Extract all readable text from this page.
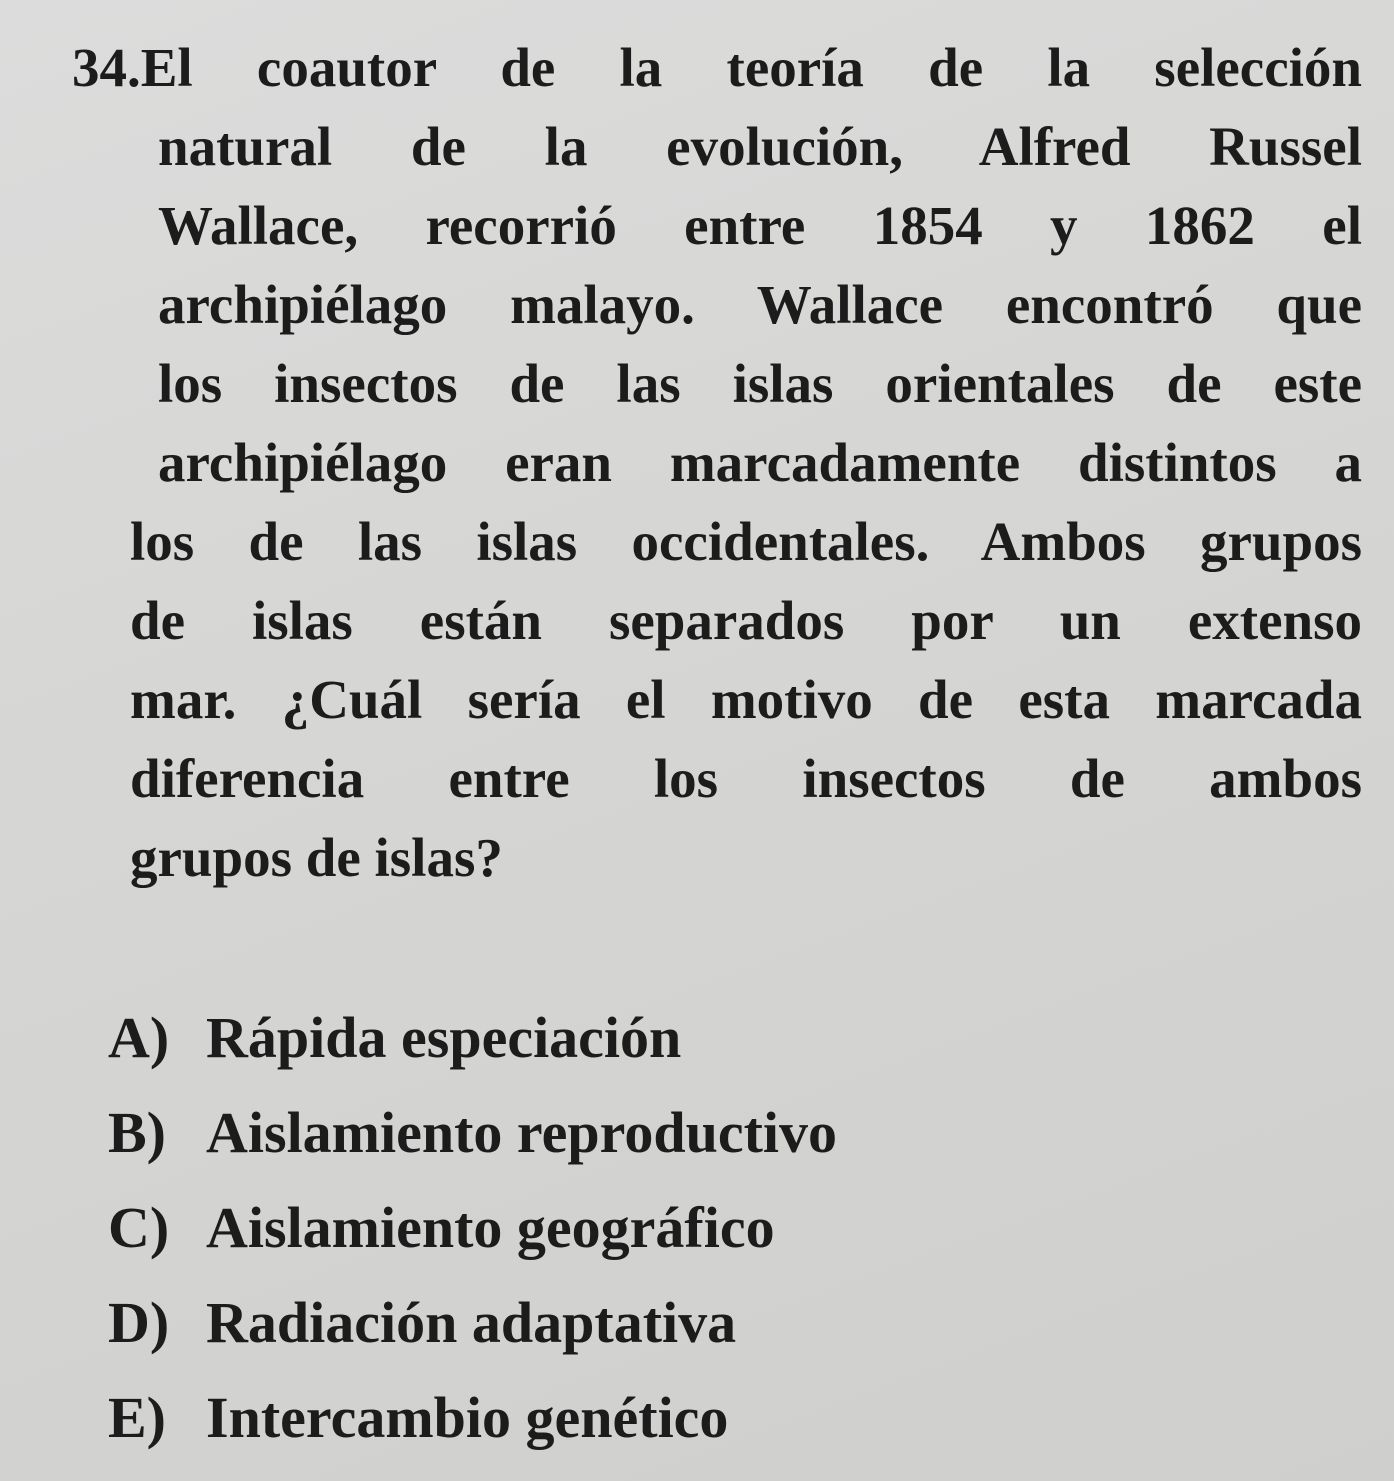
34.El coautor de la teoría de la selección
natural de la evolución, Alfred Russel
Wallace, recorrió entre 1854 y 1862 el
archipiélago malayo. Wallace encontró que
los insectos de las islas orientales de este
archipiélago eran marcadamente distintos a
los de las islas occidentales. Ambos grupos
de islas están separados por un extenso
mar. ¿Cuál sería el motivo de esta marcada
diferencia entre los insectos de ambos
grupos de islas?
A) Rápida especiación
B) Aislamiento reproductivo
C) Aislamiento geográfico
D) Radiación adaptativa
E) Intercambio genético
